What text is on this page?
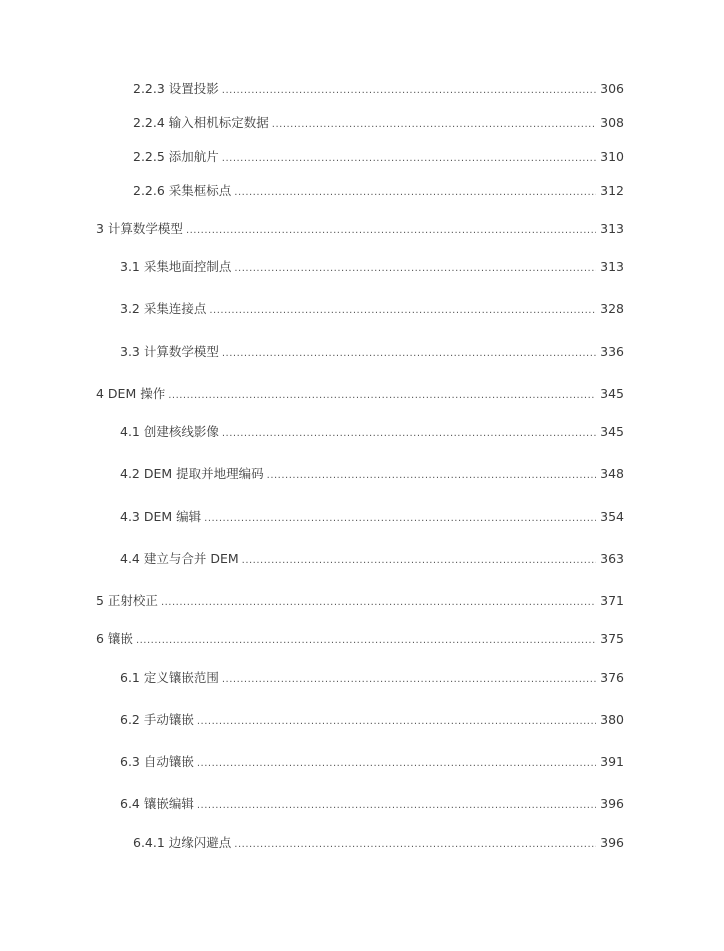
2.2.3 设置投影 .....	306
2.2.4 输入相机标定数据 .....	308
2.2.5 添加航片 .....	310
2.2.6 采集框标点 .....	312
3 计算数学模型 .....	313
3.1 采集地面控制点 .....	313
3.2 采集连接点 .....	328
3.3 计算数学模型 .....	336
4 DEM 操作 .....	345
4.1 创建核线影像 .....	345
4.2 DEM 提取并地理编码 .....	348
4.3 DEM 编辑 .....	354
4.4 建立与合并 DEM .....	363
5 正射校正 .....	371
6 镶嵌 .....	375
6.1 定义镶嵌范围 .....	376
6.2 手动镶嵌 .....	380
6.3 自动镶嵌 .....	391
6.4 镶嵌编辑 .....	396
6.4.1 边缘闪避点 .....	396
